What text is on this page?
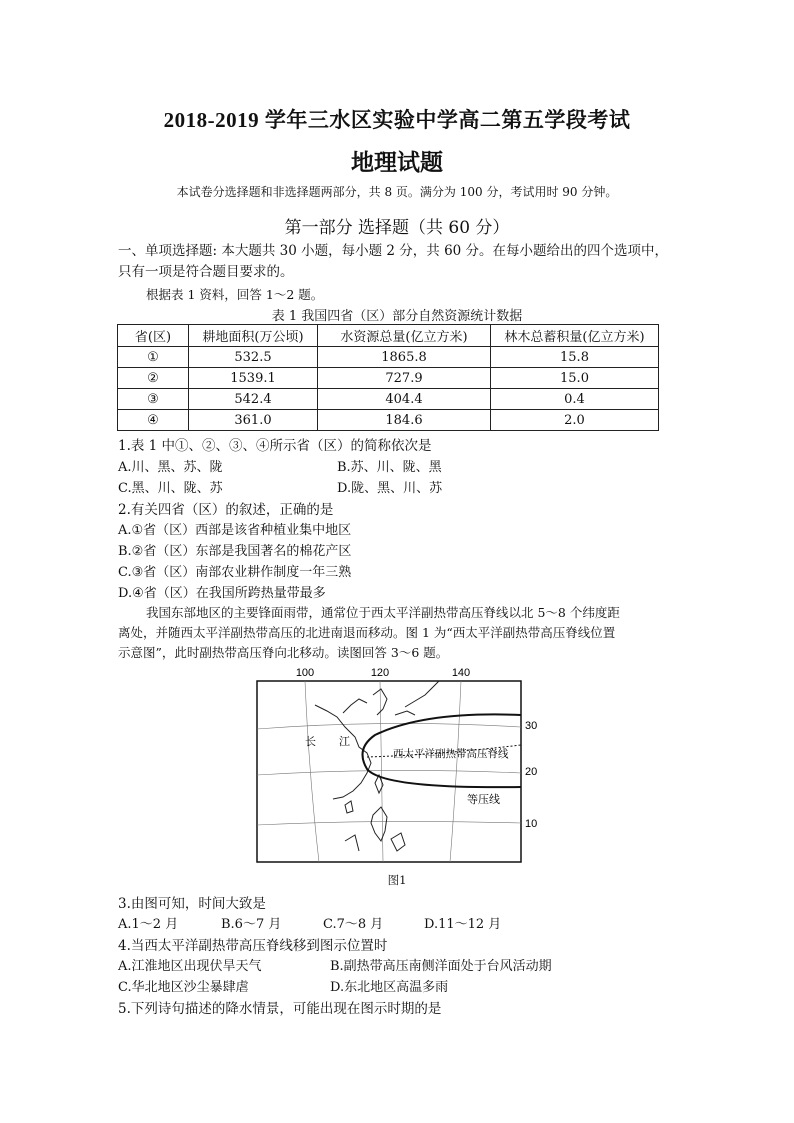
2018-2019 学年三水区实验中学高二第五学段考试
地理试题
本试卷分选择题和非选择题两部分，共 8 页。满分为 100 分，考试用时 90 分钟。
第一部分 选择题（共 60 分）
一、单项选择题: 本大题共 30 小题，每小题 2 分，共 60 分。在每小题给出的四个选项中，
只有一项是符合题目要求的。
根据表 1 资料，回答 1～2 题。
表 1 我国四省（区）部分自然资源统计数据
省(区)	耕地面积(万公顷)	水资源总量(亿立方米)	林木总蓄积量(亿立方米)
①	532.5	1865.8	15.8
②	1539.1	727.9	15.0
③	542.4	404.4	0.4
④	361.0	184.6	2.0
1.表 1 中①、②、③、④所示省（区）的简称依次是
A.川、黑、苏、陇	B.苏、川、陇、黑
C.黑、川、陇、苏	D.陇、黑、川、苏
2.有关四省（区）的叙述，正确的是
A.①省（区）西部是该省种植业集中地区
B.②省（区）东部是我国著名的棉花产区
C.③省（区）南部农业耕作制度一年三熟
D.④省（区）在我国所跨热量带最多
我国东部地区的主要锋面雨带，通常位于西太平洋副热带高压脊线以北 5～8 个纬度距
离处，并随西太平洋副热带高压的北进南退而移动。图 1 为“西太平洋副热带高压脊线位置
示意图”，此时副热带高压脊向北移动。读图回答 3～6 题。
100	120	140
长 江
西太平洋副热带高压脊线
等压线
30
20
10
图1
3.由图可知，时间大致是
A.1～2 月	B.6～7 月	C.7～8 月	D.11～12 月
4.当西太平洋副热带高压脊线移到图示位置时
A.江淮地区出现伏旱天气	B.副热带高压南侧洋面处于台风活动期
C.华北地区沙尘暴肆虐	D.东北地区高温多雨
5.下列诗句描述的降水情景，可能出现在图示时期的是
